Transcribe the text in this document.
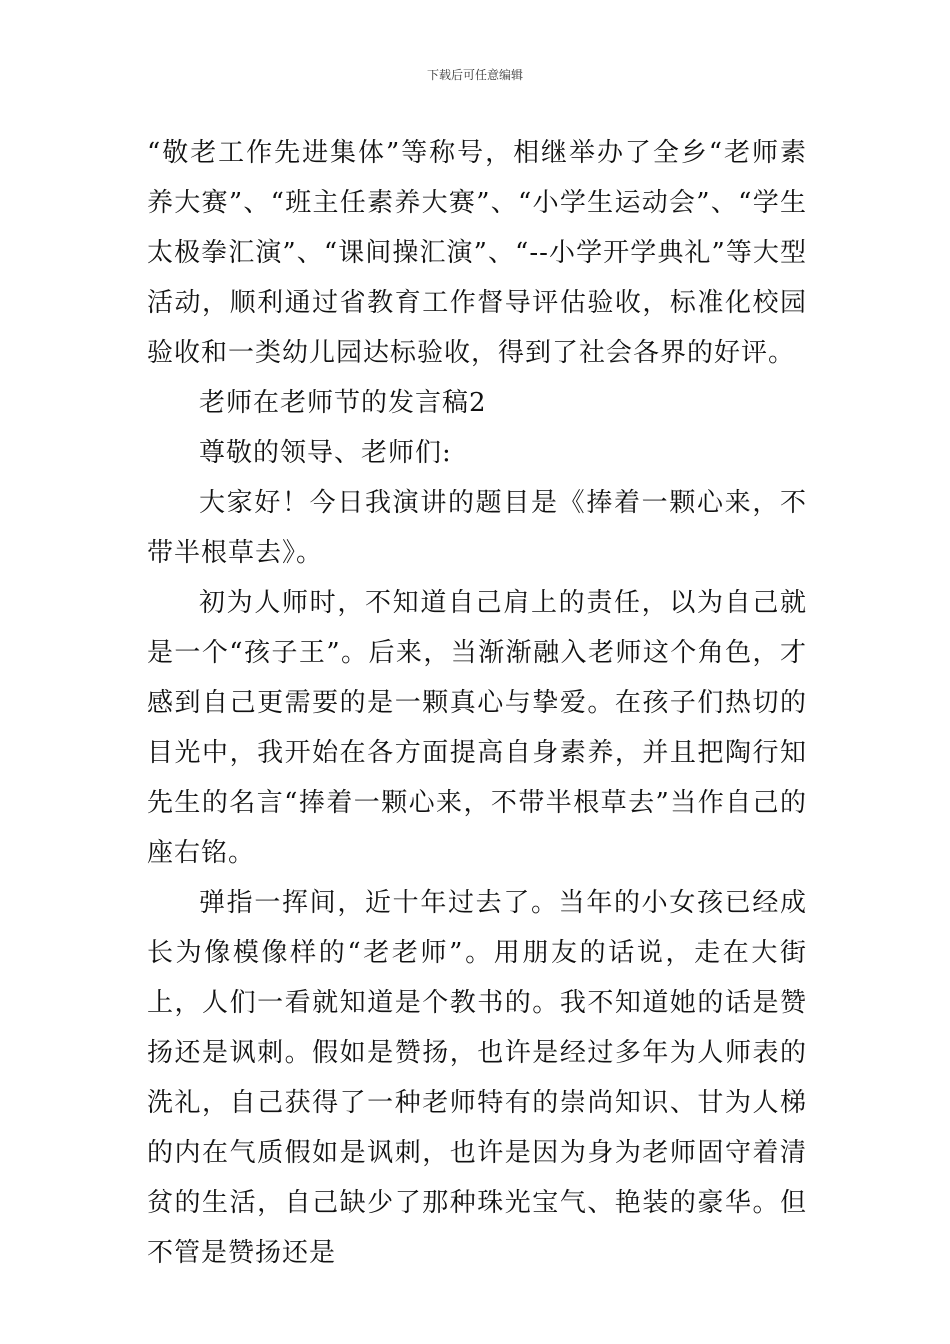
下载后可任意编辑

“敬老工作先进集体”等称号，相继举办了全乡“老师素养大赛”、“班主任素养大赛”、“小学生运动会”、“学生太极拳汇演”、“课间操汇演”、“--小学开学典礼”等大型活动，顺利通过省教育工作督导评估验收，标准化校园验收和一类幼儿园达标验收，得到了社会各界的好评。

老师在老师节的发言稿2

尊敬的领导、老师们:

大家好！今日我演讲的题目是《捧着一颗心来，不带半根草去》。

初为人师时，不知道自己肩上的责任，以为自己就是一个“孩子王”。后来，当渐渐融入老师这个角色，才感到自己更需要的是一颗真心与挚爱。在孩子们热切的目光中，我开始在各方面提高自身素养，并且把陶行知先生的名言“捧着一颗心来，不带半根草去”当作自己的座右铭。

弹指一挥间，近十年过去了。当年的小女孩已经成长为像模像样的“老老师”。用朋友的话说，走在大街上，人们一看就知道是个教书的。我不知道她的话是赞扬还是讽刺。假如是赞扬，也许是经过多年为人师表的洗礼，自己获得了一种老师特有的崇尚知识、甘为人梯的内在气质假如是讽刺，也许是因为身为老师固守着清贫的生活，自己缺少了那种珠光宝气、艳装的豪华。但不管是赞扬还是
